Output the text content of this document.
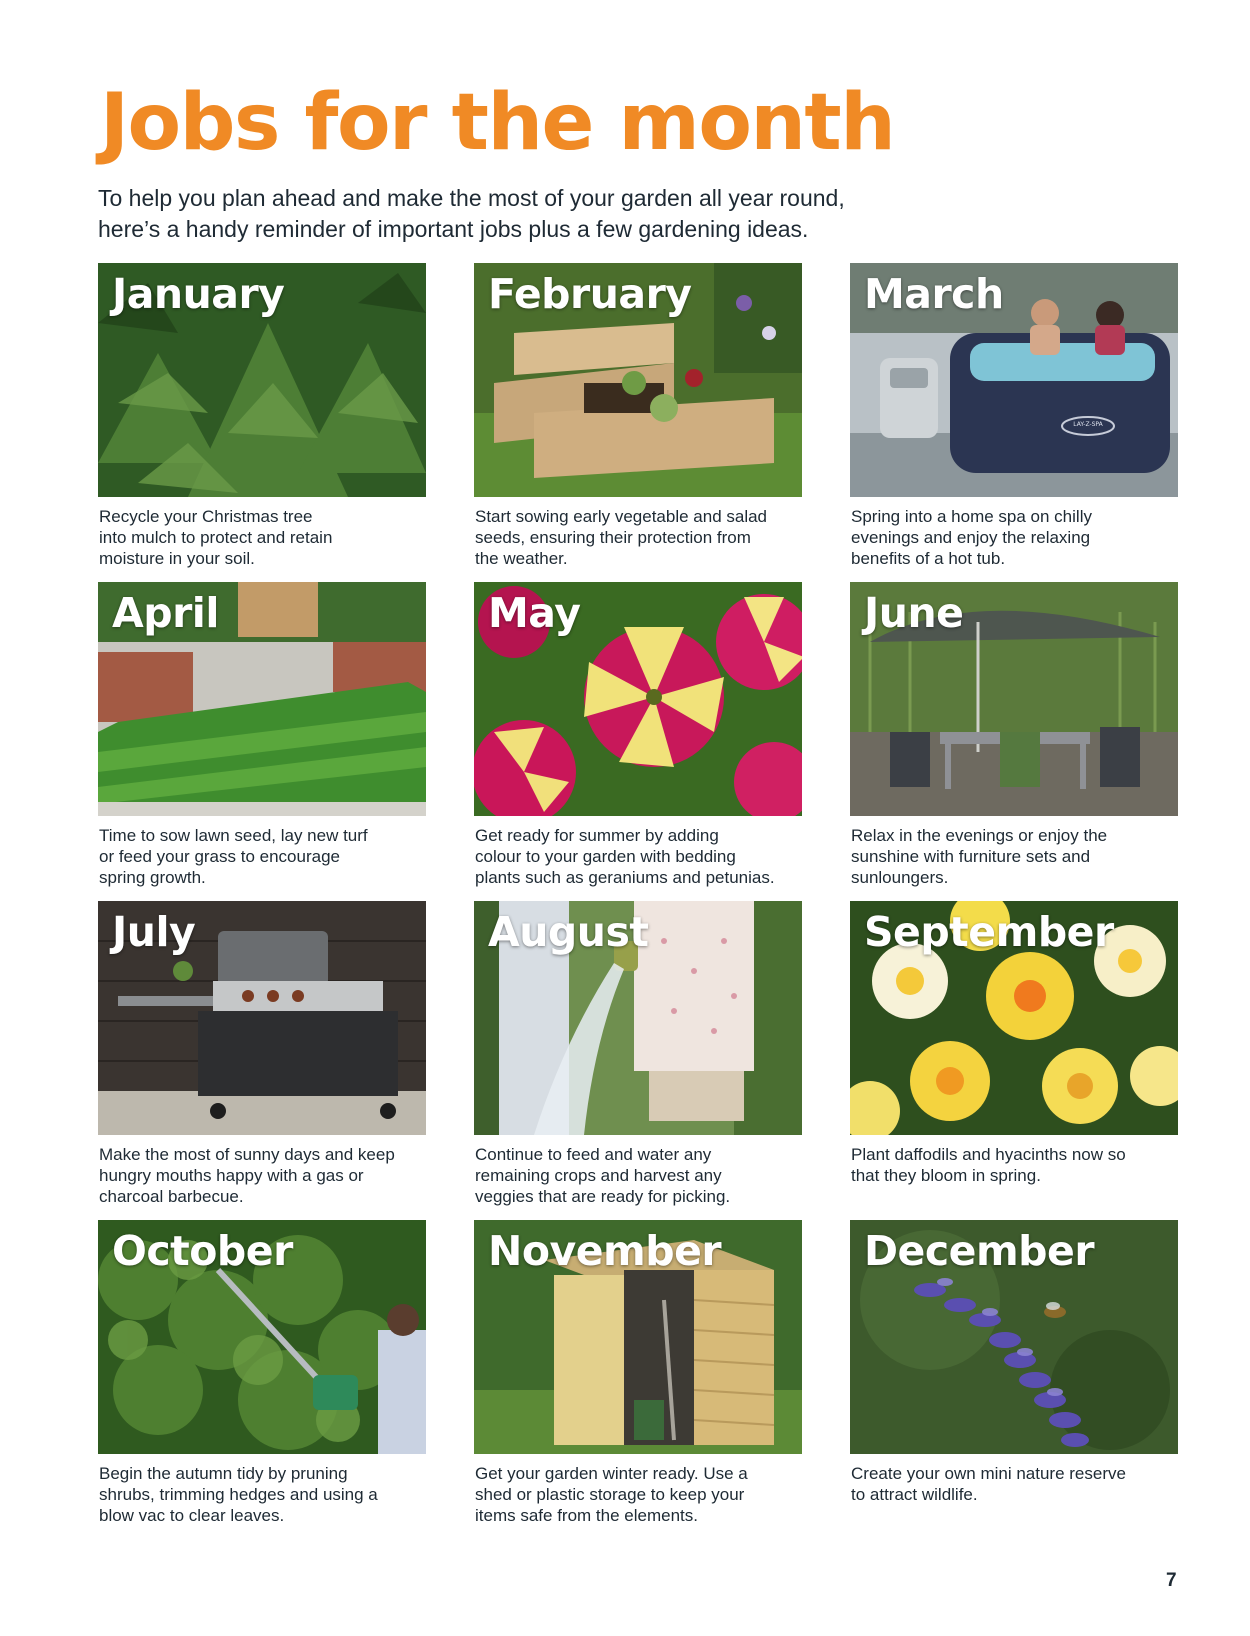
Jobs for the month

To help you plan ahead and make the most of your garden all year round,
here’s a handy reminder of important jobs plus a few gardening ideas.

January

Recycle your Christmas tree
into mulch to protect and retain
moisture in your soil.

February

Start sowing early vegetable and salad
seeds, ensuring their protection from
the weather.

March
LAY-Z-SPA

Spring into a home spa on chilly
evenings and enjoy the relaxing
benefits of a hot tub.

April

Time to sow lawn seed, lay new turf
or feed your grass to encourage
spring growth.

May

Get ready for summer by adding
colour to your garden with bedding
plants such as geraniums and petunias.

June

Relax in the evenings or enjoy the
sunshine with furniture sets and
sunloungers.

July

Make the most of sunny days and keep
hungry mouths happy with a gas or
charcoal barbecue.

August

Continue to feed and water any
remaining crops and harvest any
veggies that are ready for picking.

September

Plant daffodils and hyacinths now so
that they bloom in spring.

October

Begin the autumn tidy by pruning
shrubs, trimming hedges and using a
blow vac to clear leaves.

November

Get your garden winter ready. Use a
shed or plastic storage to keep your
items safe from the elements.

December

Create your own mini nature reserve
to attract wildlife.

7
